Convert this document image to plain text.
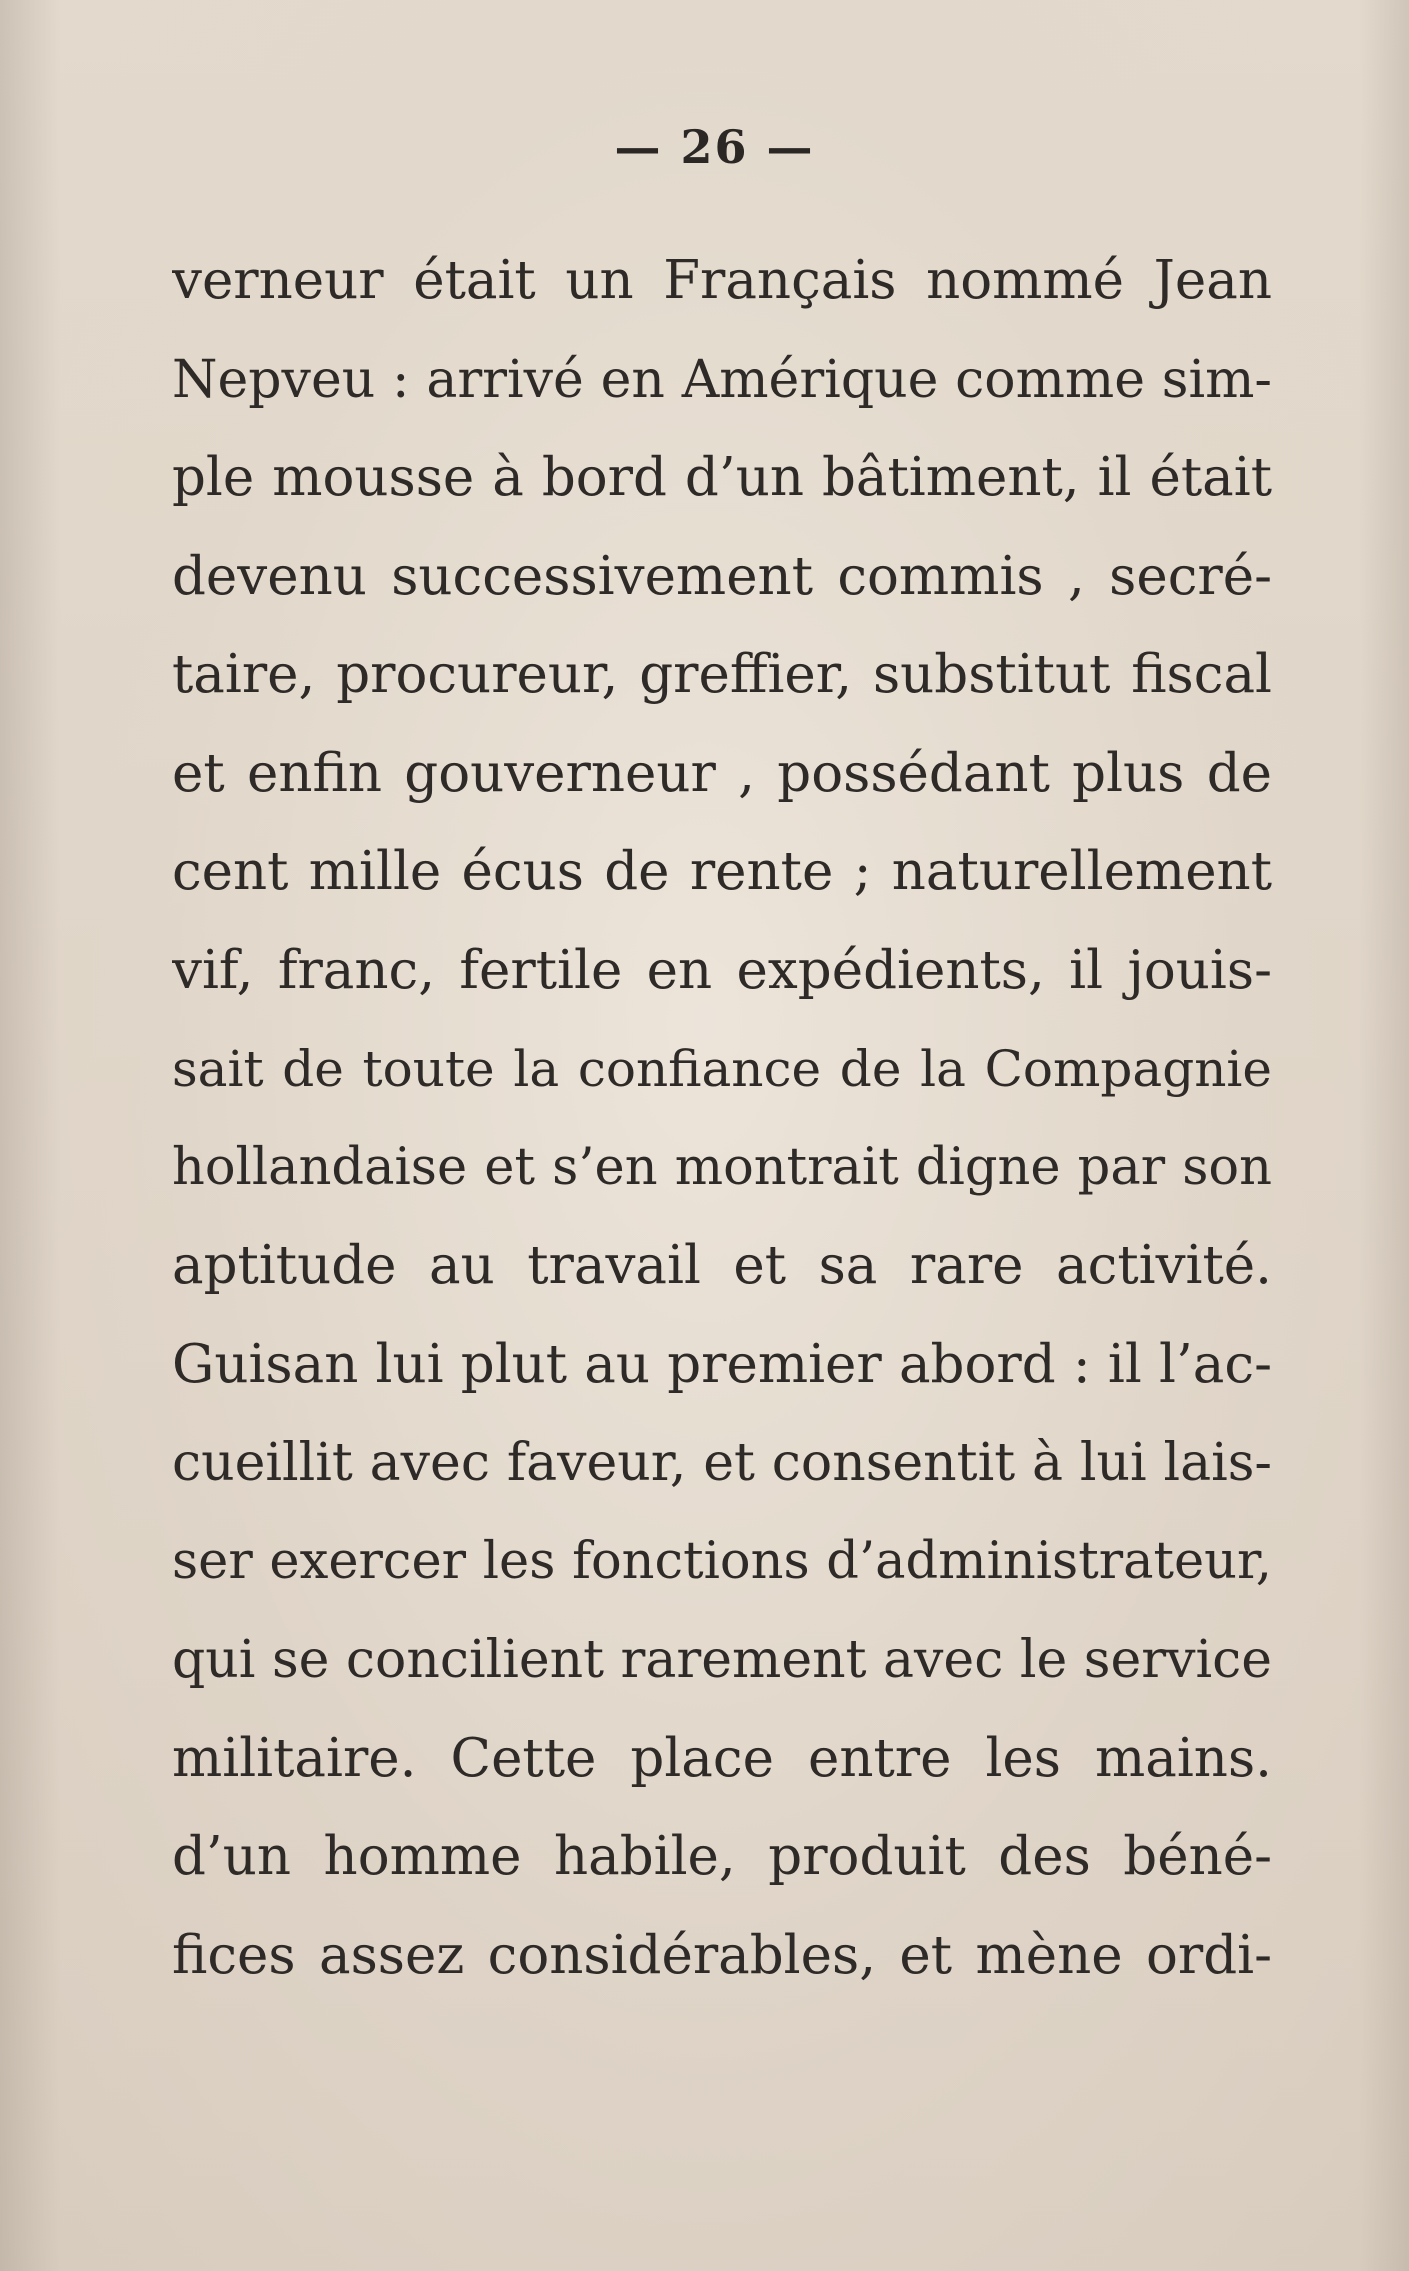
— 26 —
verneur était un Français nommé Jean
Nepveu : arrivé en Amérique comme sim-
ple mousse à bord d’un bâtiment, il était
devenu successivement commis , secré-
taire, procureur, greffier, substitut fiscal
et enfin gouverneur , possédant plus de
cent mille écus de rente ; naturellement
vif, franc, fertile en expédients, il jouis-
sait de toute la confiance de la Compagnie
hollandaise et s’en montrait digne par son
aptitude au travail et sa rare activité.
Guisan lui plut au premier abord : il l’ac-
cueillit avec faveur, et consentit à lui lais-
ser exercer les fonctions d’administrateur,
qui se concilient rarement avec le service
militaire. Cette place entre les mains.
d’un homme habile, produit des béné-
fices assez considérables, et mène ordi-
